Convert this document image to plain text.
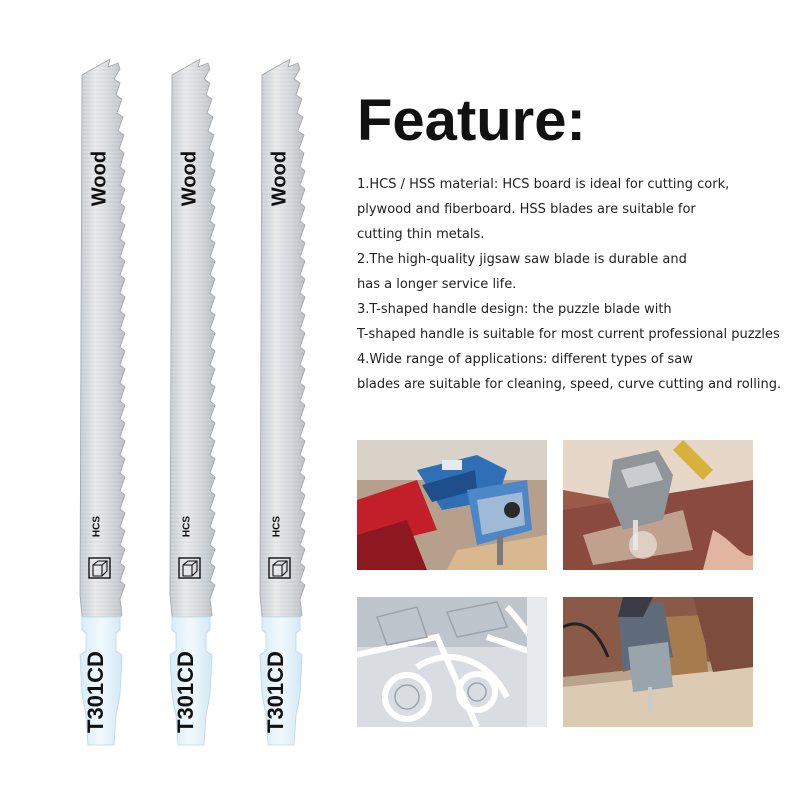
Wood
HCS
T301CD
Wood
HCS
T301CD
Wood
HCS
T301CD
Feature:
1.HCS / HSS material: HCS board is ideal for cutting cork,
plywood and fiberboard. HSS blades are suitable for
cutting thin metals.
2.The high-quality jigsaw saw blade is durable and
has a longer service life.
3.T-shaped handle design: the puzzle blade with
T-shaped handle is suitable for most current professional puzzles
4.Wide range of applications: different types of saw
blades are suitable for cleaning, speed, curve cutting and rolling.
